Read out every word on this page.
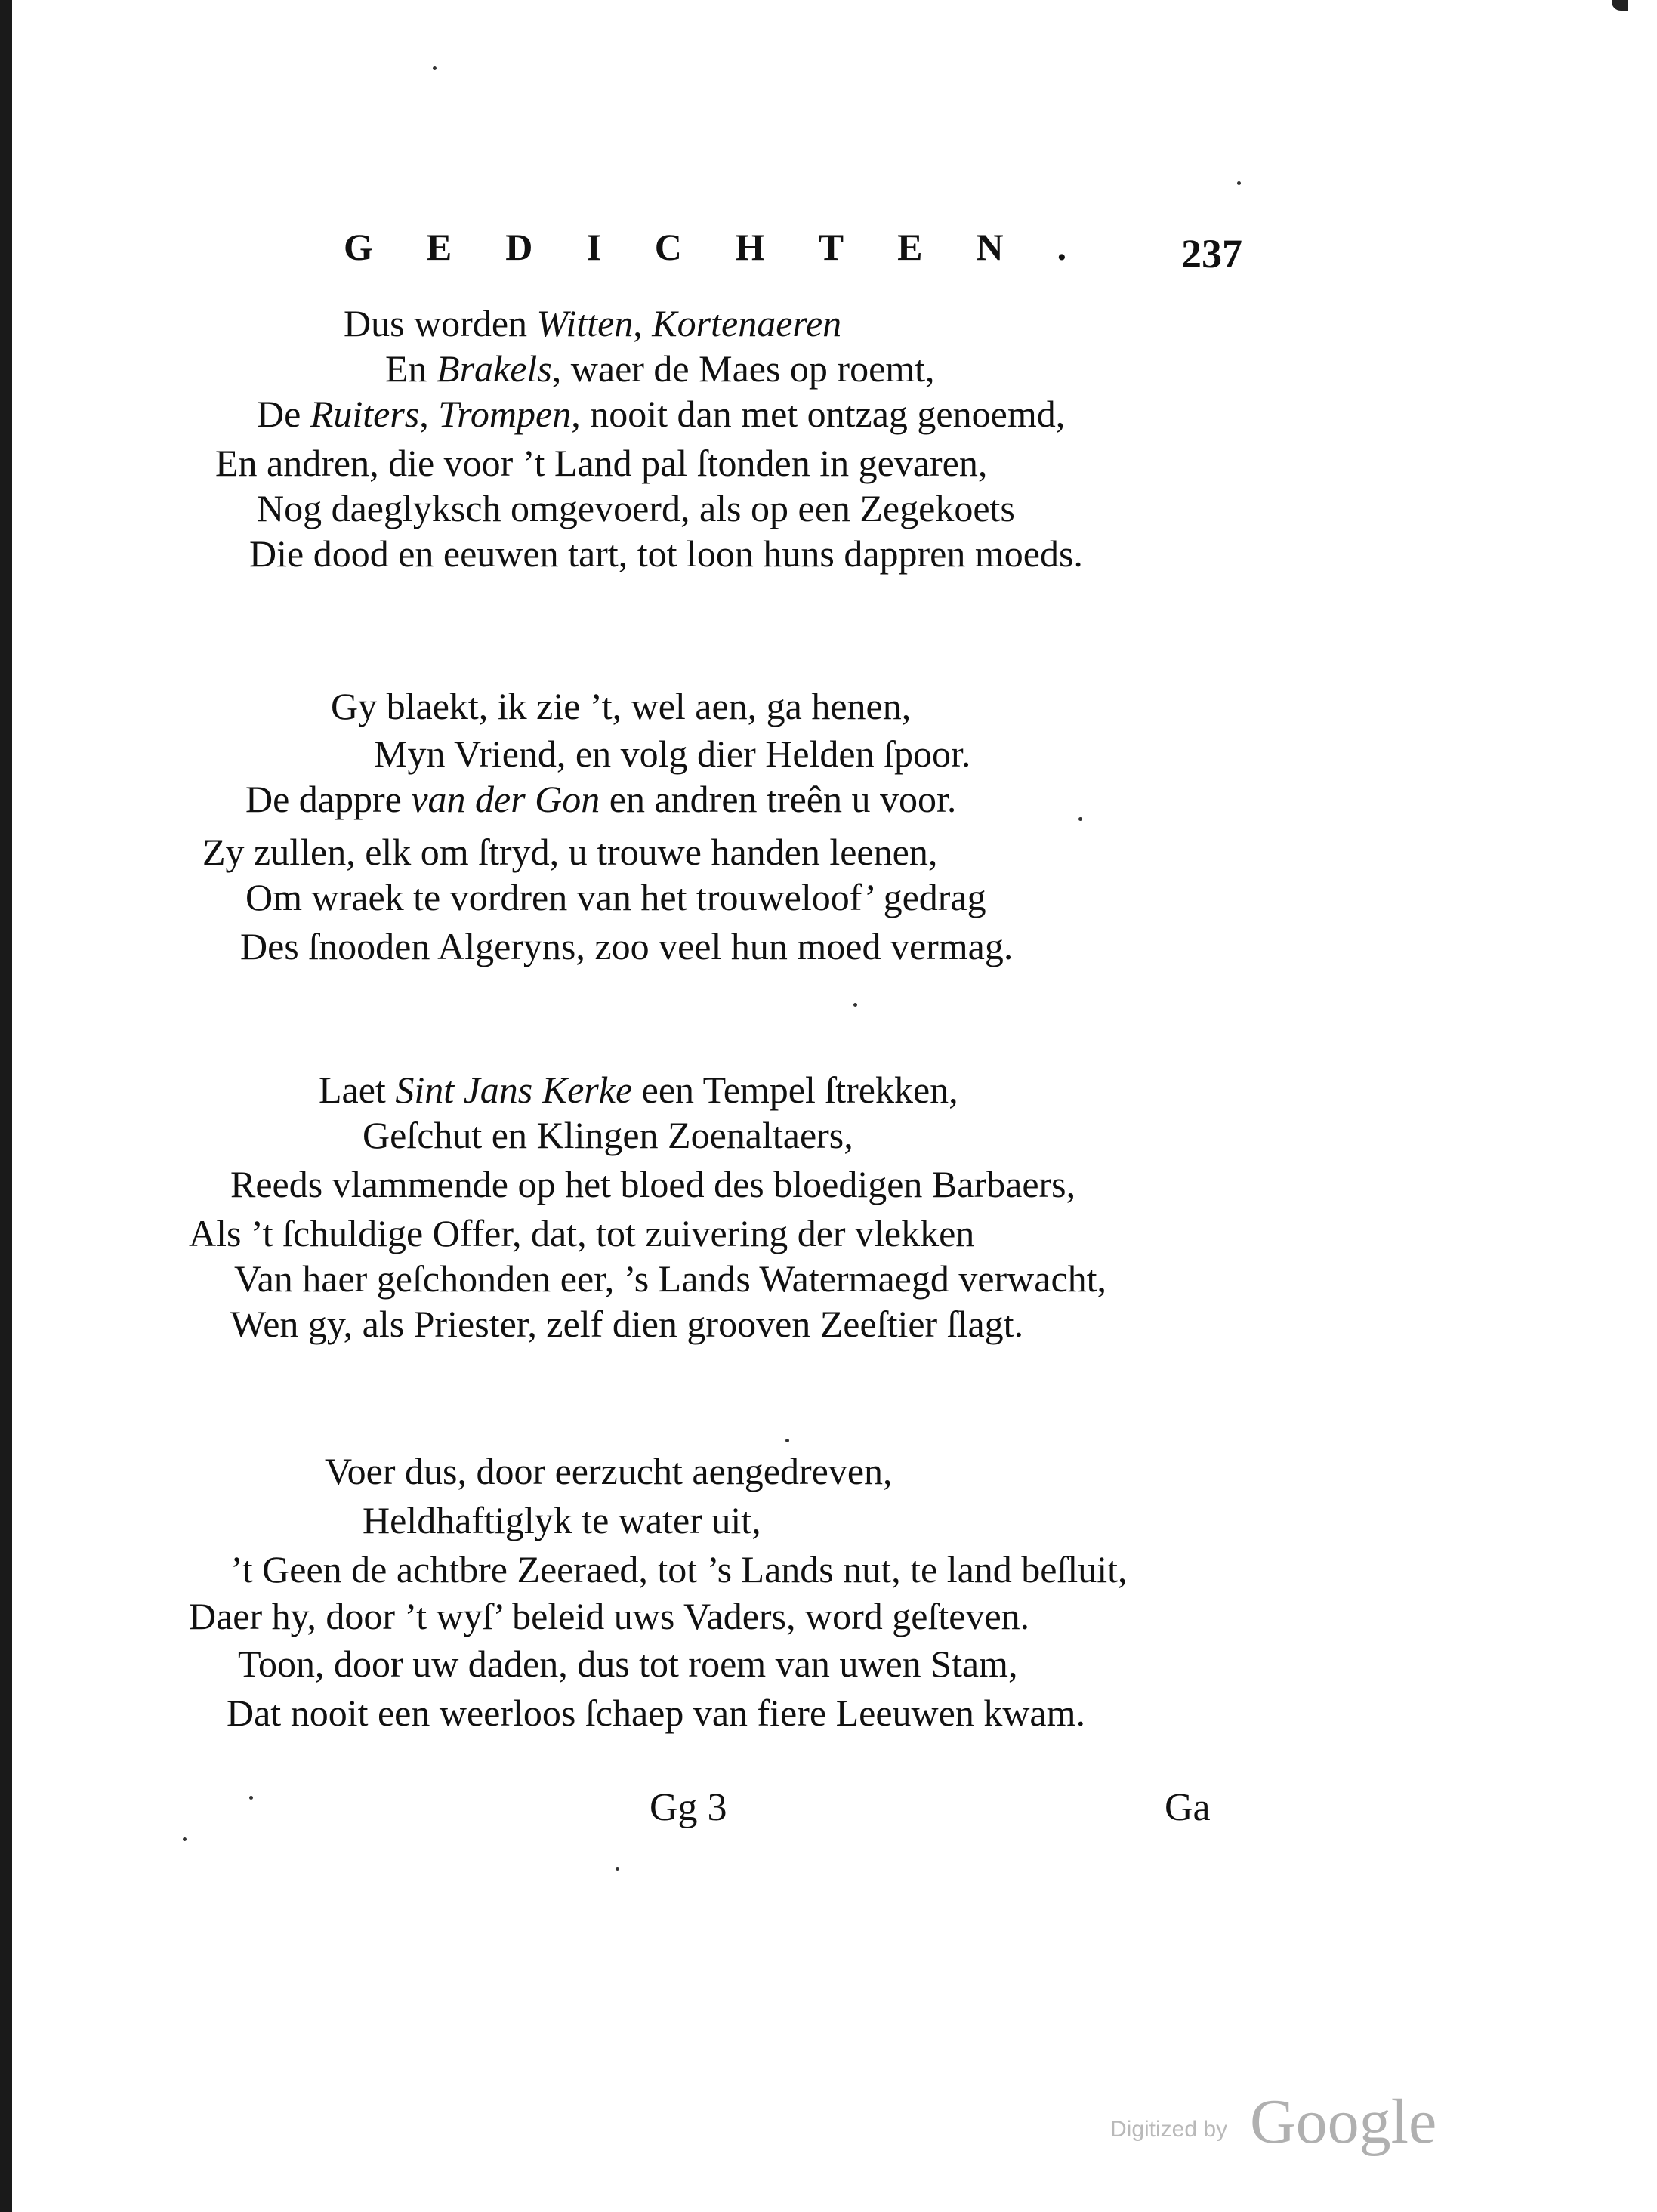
GEDICHTEN. 237
Dus worden Witten, Kortenaeren
En Brakels, waer de Maes op roemt,
De Ruiters, Trompen, nooit dan met ontzag genoemd,
En andren, die voor ’t Land pal ſtonden in gevaren,
Nog daeglyksch omgevoerd, als op een Zegekoets
Die dood en eeuwen tart, tot loon huns dappren moeds.
Gy blaekt, ik zie ’t, wel aen, ga henen,
Myn Vriend, en volg dier Helden ſpoor.
De dappre van der Gon en andren treên u voor.
Zy zullen, elk om ſtryd, u trouwe handen leenen,
Om wraek te vordren van het trouweloof’ gedrag
Des ſnooden Algeryns, zoo veel hun moed vermag.
Laet Sint Jans Kerke een Tempel ſtrekken,
Geſchut en Klingen Zoenaltaers,
Reeds vlammende op het bloed des bloedigen Barbaers,
Als ’t ſchuldige Offer, dat, tot zuivering der vlekken
Van haer geſchonden eer, ’s Lands Watermaegd verwacht,
Wen gy, als Priester, zelf dien grooven Zeeſtier ſlagt.
Voer dus, door eerzucht aengedreven,
Heldhaftiglyk te water uit,
’t Geen de achtbre Zeeraed, tot ’s Lands nut, te land beſluit,
Daer hy, door ’t wyſ’ beleid uws Vaders, word geſteven.
Toon, door uw daden, dus tot roem van uwen Stam,
Dat nooit een weerloos ſchaep van fiere Leeuwen kwam.
Gg 3	Ga
Digitized by Google
